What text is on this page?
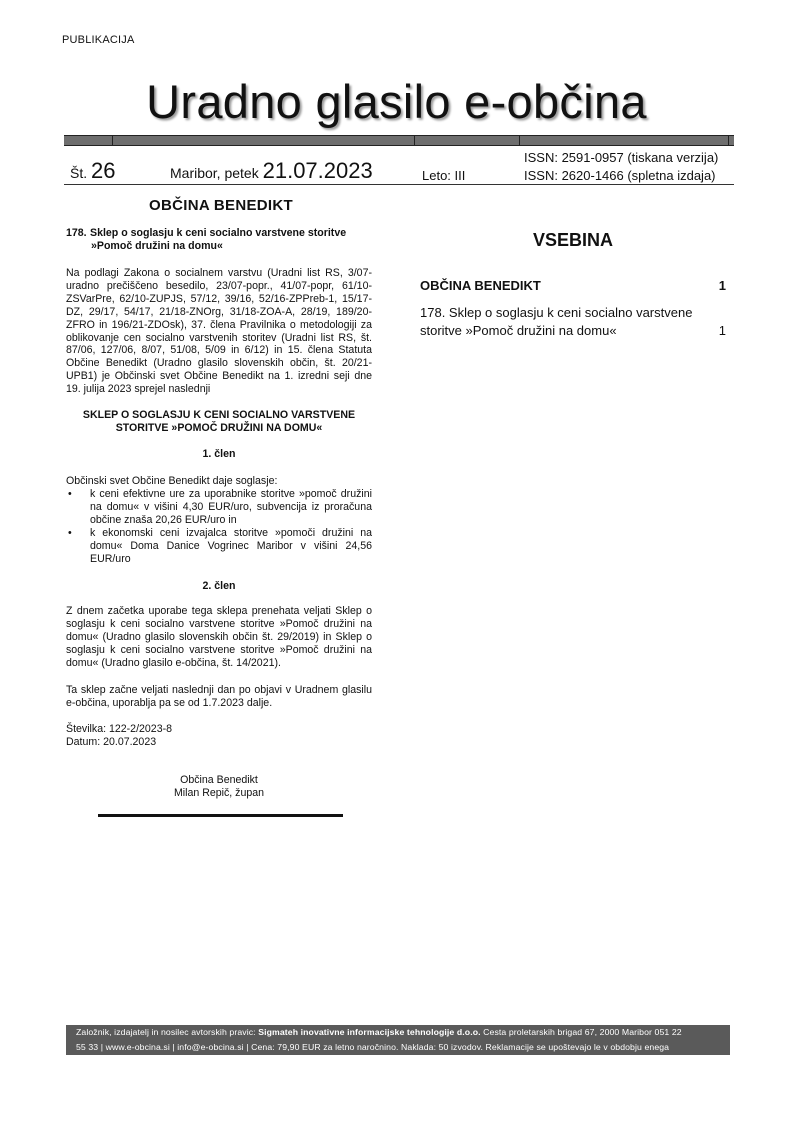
PUBLIKACIJA
Uradno glasilo e-občina
Št. 26	Maribor, petek 21.07.2023	Leto: III
ISSN: 2591-0957 (tiskana verzija)
ISSN: 2620-1466 (spletna izdaja)
OBČINA BENEDIKT
178. Sklep o soglasju k ceni socialno varstvene storitve
»Pomoč družini na domu«
Na podlagi Zakona o socialnem varstvu (Uradni list RS, 3/07-uradno prečiščeno besedilo, 23/07-popr., 41/07-popr, 61/10-ZSVarPre, 62/10-ZUPJS, 57/12, 39/16, 52/16-ZPPreb-1, 15/17-DZ, 29/17, 54/17, 21/18-ZNOrg, 31/18-ZOA-A, 28/19, 189/20-ZFRO in 196/21-ZDOsk), 37. člena Pravilnika o metodologiji za oblikovanje cen socialno varstvenih storitev (Uradni list RS, št. 87/06, 127/06, 8/07, 51/08, 5/09 in 6/12) in 15. člena Statuta Občine Benedikt (Uradno glasilo slovenskih občin, št. 20/21-UPB1) je Občinski svet Občine Benedikt na 1. izredni seji dne 19. julija 2023 sprejel naslednji
SKLEP O SOGLASJU K CENI SOCIALNO VARSTVENE STORITVE »POMOČ DRUŽINI NA DOMU«
1. člen
Občinski svet Občine Benedikt daje soglasje:
• k ceni efektivne ure za uporabnike storitve »pomoč družini na domu« v višini 4,30 EUR/uro, subvencija iz proračuna občine znaša 20,26 EUR/uro in
• k ekonomski ceni izvajalca storitve »pomoči družini na domu« Doma Danice Vogrinec Maribor v višini 24,56 EUR/uro
2. člen
Z dnem začetka uporabe tega sklepa prenehata veljati Sklep o soglasju k ceni socialno varstvene storitve »Pomoč družini na domu« (Uradno glasilo slovenskih občin št. 29/2019) in Sklep o soglasju k ceni socialno varstvene storitve »Pomoč družini na domu« (Uradno glasilo e-občina, št. 14/2021).
Ta sklep začne veljati naslednji dan po objavi v Uradnem glasilu e-občina, uporablja pa se od 1.7.2023 dalje.
Številka: 122-2/2023-8
Datum: 20.07.2023
Občina Benedikt
Milan Repič, župan
VSEBINA
OBČINA BENEDIKT	1
178. Sklep o soglasju k ceni socialno varstvene
storitve »Pomoč družini na domu«	1
Založnik, izdajatelj in nosilec avtorskih pravic: Sigmateh inovativne informacijske tehnologije d.o.o. Cesta proletarskih brigad 67, 2000 Maribor 051 22
55 33 | www.e-obcina.si | info@e-obcina.si | Cena: 79,90 EUR za letno naročnino. Naklada: 50 izvodov. Reklamacije se upoštevajo le v obdobju enega
